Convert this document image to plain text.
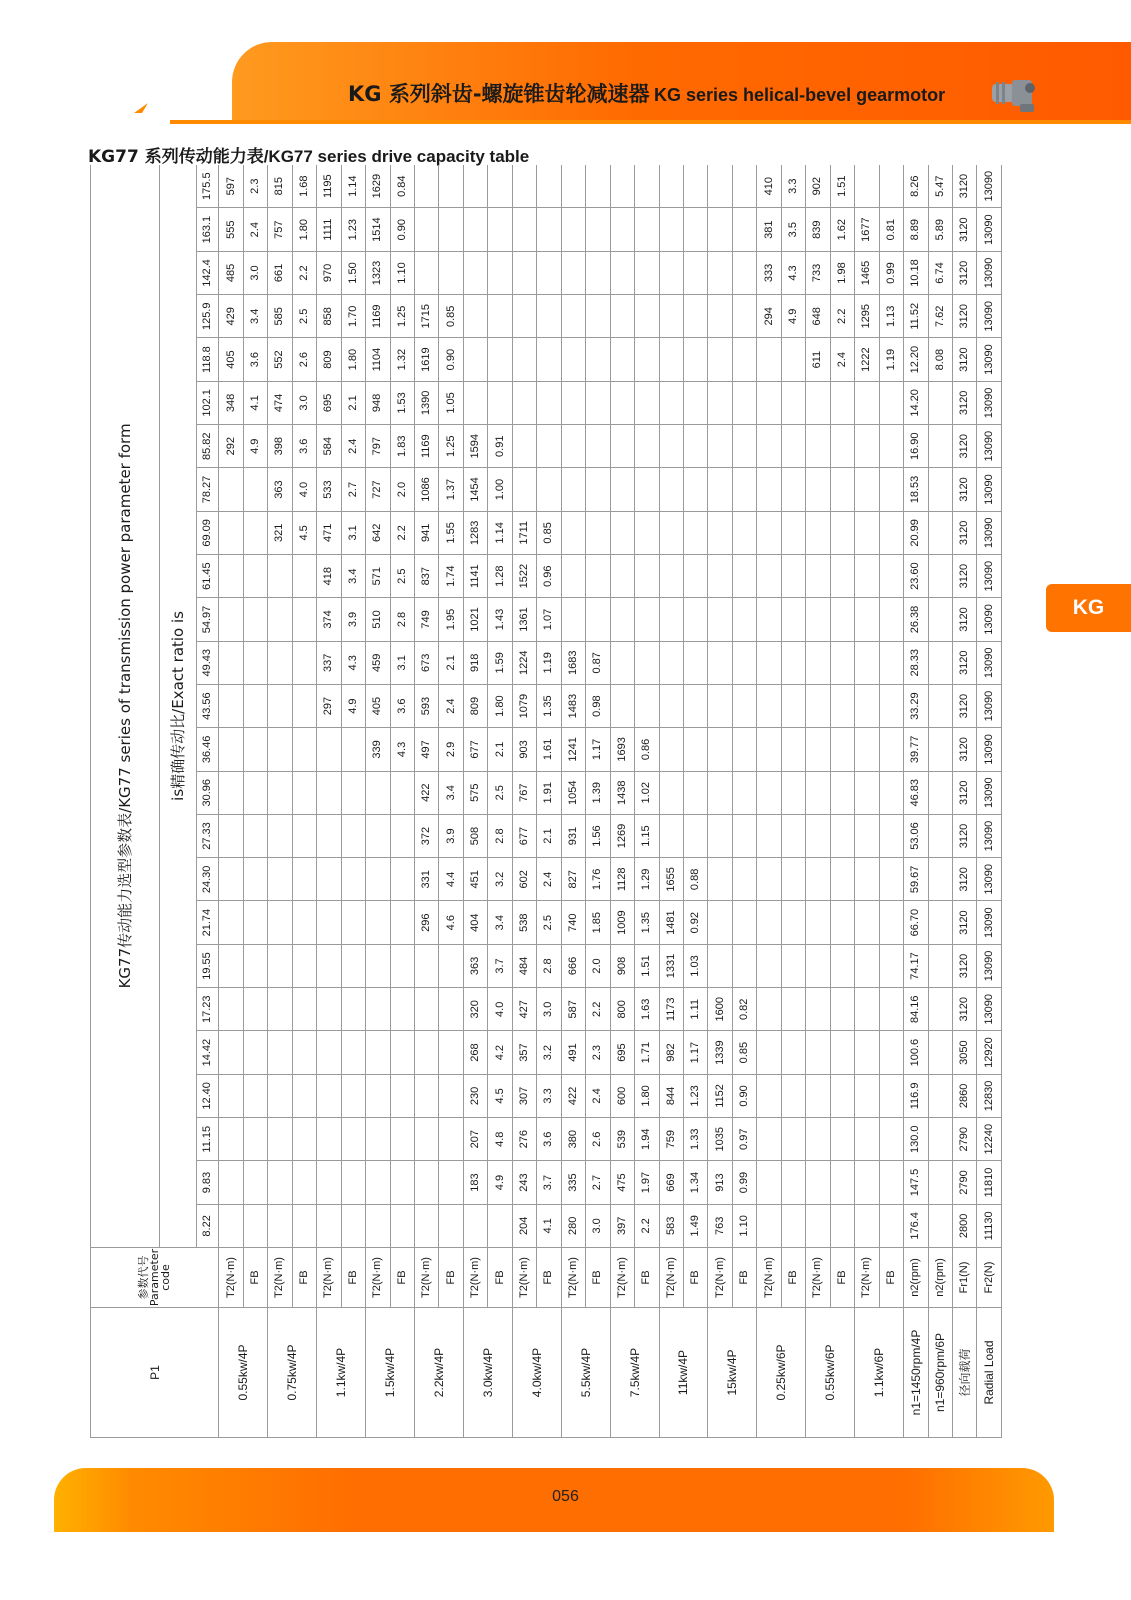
KG 系列斜齿-螺旋锥齿轮减速器 KG series helical-bevel gearmotor
KG77 系列传动能力表/KG77 series drive capacity table
KG
P1	参数代号 Parameter code	KG77传动能力选型参数表/KG77 series of transmission power parameter form																								
		is精确传动比/Exact ratio is																								
		8.22	9.83	11.15	12.40	14.42	17.23	19.55	21.74	24.30	27.33	30.96	36.46	43.56	49.43	54.97	61.45	69.09	78.27	85.82	102.1	118.8	125.9	142.4	163.1	175.5
0.55kw/4P	T2(N·m)																			292	348	405	429	485	555	597
	FB																			4.9	4.1	3.6	3.4	3.0	2.4	2.3
0.75kw/4P	T2(N·m)																	321	363	398	474	552	585	661	757	815
	FB																	4.5	4.0	3.6	3.0	2.6	2.5	2.2	1.80	1.68
1.1kw/4P	T2(N·m)													297	337	374	418	471	533	584	695	809	858	970	1111	1195
	FB													4.9	4.3	3.9	3.4	3.1	2.7	2.4	2.1	1.80	1.70	1.50	1.23	1.14
1.5kw/4P	T2(N·m)												339	405	459	510	571	642	727	797	948	1104	1169	1323	1514	1629
	FB												4.3	3.6	3.1	2.8	2.5	2.2	2.0	1.83	1.53	1.32	1.25	1.10	0.90	0.84
2.2kw/4P	T2(N·m)								296	331	372	422	497	593	673	749	837	941	1086	1169	1390	1619	1715			
	FB								4.6	4.4	3.9	3.4	2.9	2.4	2.1	1.95	1.74	1.55	1.37	1.25	1.05	0.90	0.85			
3.0kw/4P	T2(N·m)		183	207	230	268	320	363	404	451	508	575	677	809	918	1021	1141	1283	1454	1594						
	FB		4.9	4.8	4.5	4.2	4.0	3.7	3.4	3.2	2.8	2.5	2.1	1.80	1.59	1.43	1.28	1.14	1.00	0.91						
4.0kw/4P	T2(N·m)	204	243	276	307	357	427	484	538	602	677	767	903	1079	1224	1361	1522	1711								
	FB	4.1	3.7	3.6	3.3	3.2	3.0	2.8	2.5	2.4	2.1	1.91	1.61	1.35	1.19	1.07	0.96	0.85								
5.5kw/4P	T2(N·m)	280	335	380	422	491	587	666	740	827	931	1054	1241	1483	1683											
	FB	3.0	2.7	2.6	2.4	2.3	2.2	2.0	1.85	1.76	1.56	1.39	1.17	0.98	0.87											
7.5kw/4P	T2(N·m)	397	475	539	600	695	800	908	1009	1128	1269	1438	1693													
	FB	2.2	1.97	1.94	1.80	1.71	1.63	1.51	1.35	1.29	1.15	1.02	0.86													
11kw/4P	T2(N·m)	583	669	759	844	982	1173	1331	1481	1655																
	FB	1.49	1.34	1.33	1.23	1.17	1.11	1.03	0.92	0.88																
15kw/4P	T2(N·m)	763	913	1035	1152	1339	1600																			
	FB	1.10	0.99	0.97	0.90	0.85	0.82																			
0.25kw/6P	T2(N·m)																						294	333	381	410
	FB																						4.9	4.3	3.5	3.3
0.55kw/6P	T2(N·m)																					611	648	733	839	902
	FB																					2.4	2.2	1.98	1.62	1.51
1.1kw/6P	T2(N·m)																					1222	1295	1465	1677	
	FB																					1.19	1.13	0.99	0.81	
n1=1450rpm/4P	n2(rpm)	176.4	147.5	130.0	116.9	100.6	84.16	74.17	66.70	59.67	53.06	46.83	39.77	33.29	28.33	26.38	23.60	20.99	18.53	16.90	14.20	12.20	11.52	10.18	8.89	8.26
n1=960rpm/6P	n2(rpm)																					8.08	7.62	6.74	5.89	5.47
径向载荷	Fr1(N)	2800	2790	2790	2860	3050	3120	3120	3120	3120	3120	3120	3120	3120	3120	3120	3120	3120	3120	3120	3120	3120	3120	3120	3120	3120
Radial Load	Fr2(N)	11130	11810	12240	12830	12920	13090	13090	13090	13090	13090	13090	13090	13090	13090	13090	13090	13090	13090	13090	13090	13090	13090	13090	13090	13090
056
